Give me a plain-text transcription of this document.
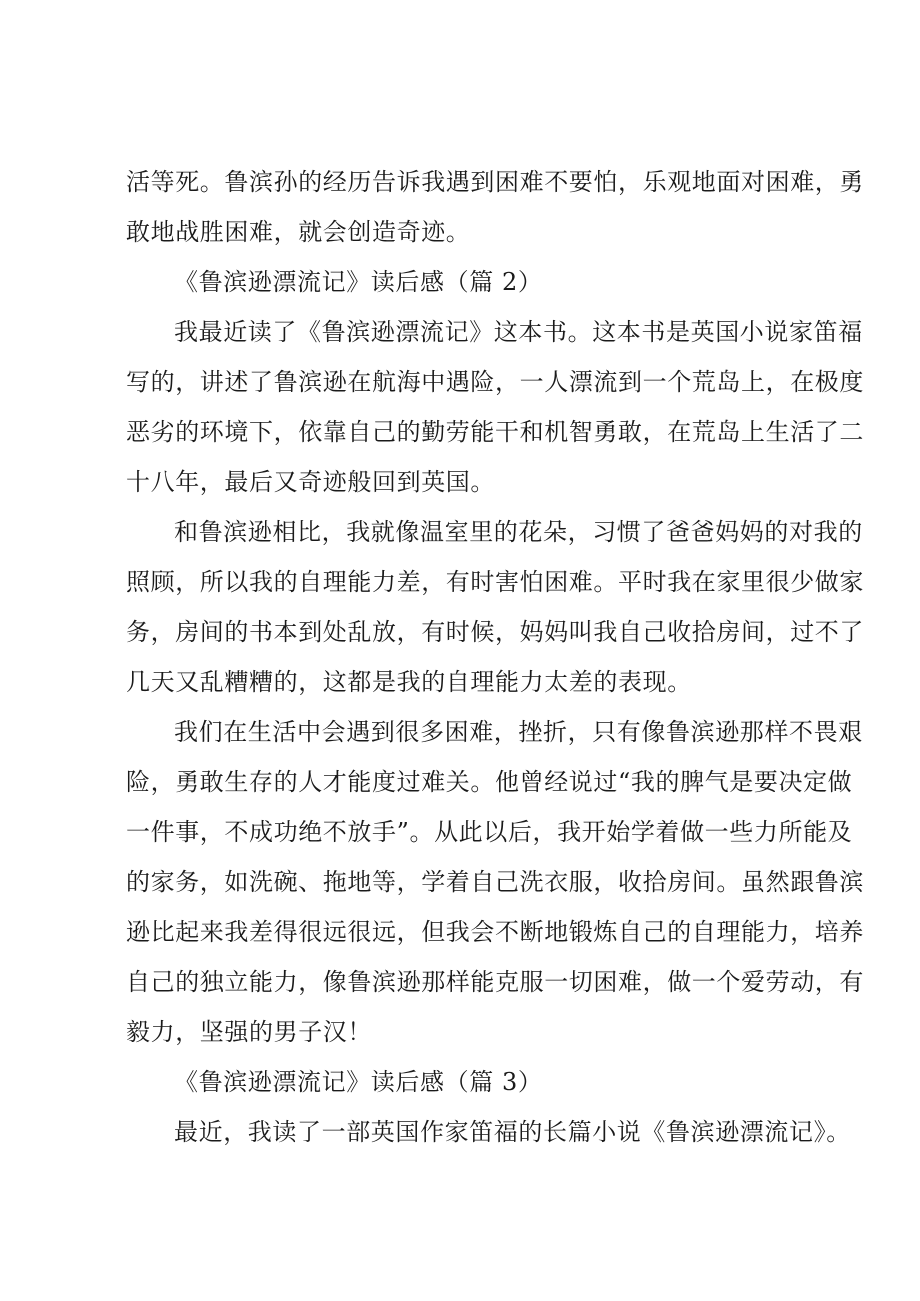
活等死。鲁滨孙的经历告诉我遇到困难不要怕，乐观地面对困难，勇
敢地战胜困难，就会创造奇迹。
《鲁滨逊漂流记》读后感（篇 2）
我最近读了《鲁滨逊漂流记》这本书。这本书是英国小说家笛福
写的，讲述了鲁滨逊在航海中遇险，一人漂流到一个荒岛上，在极度
恶劣的环境下，依靠自己的勤劳能干和机智勇敢，在荒岛上生活了二
十八年，最后又奇迹般回到英国。
和鲁滨逊相比，我就像温室里的花朵，习惯了爸爸妈妈的对我的
照顾，所以我的自理能力差，有时害怕困难。平时我在家里很少做家
务，房间的书本到处乱放，有时候，妈妈叫我自己收拾房间，过不了
几天又乱糟糟的，这都是我的自理能力太差的表现。
我们在生活中会遇到很多困难，挫折，只有像鲁滨逊那样不畏艰
险，勇敢生存的人才能度过难关。他曾经说过“我的脾气是要决定做
一件事，不成功绝不放手”。从此以后，我开始学着做一些力所能及
的家务，如洗碗、拖地等，学着自己洗衣服，收拾房间。虽然跟鲁滨
逊比起来我差得很远很远，但我会不断地锻炼自己的自理能力，培养
自己的独立能力，像鲁滨逊那样能克服一切困难，做一个爱劳动，有
毅力，坚强的男子汉！
《鲁滨逊漂流记》读后感（篇 3）
最近，我读了一部英国作家笛福的长篇小说《鲁滨逊漂流记》。
